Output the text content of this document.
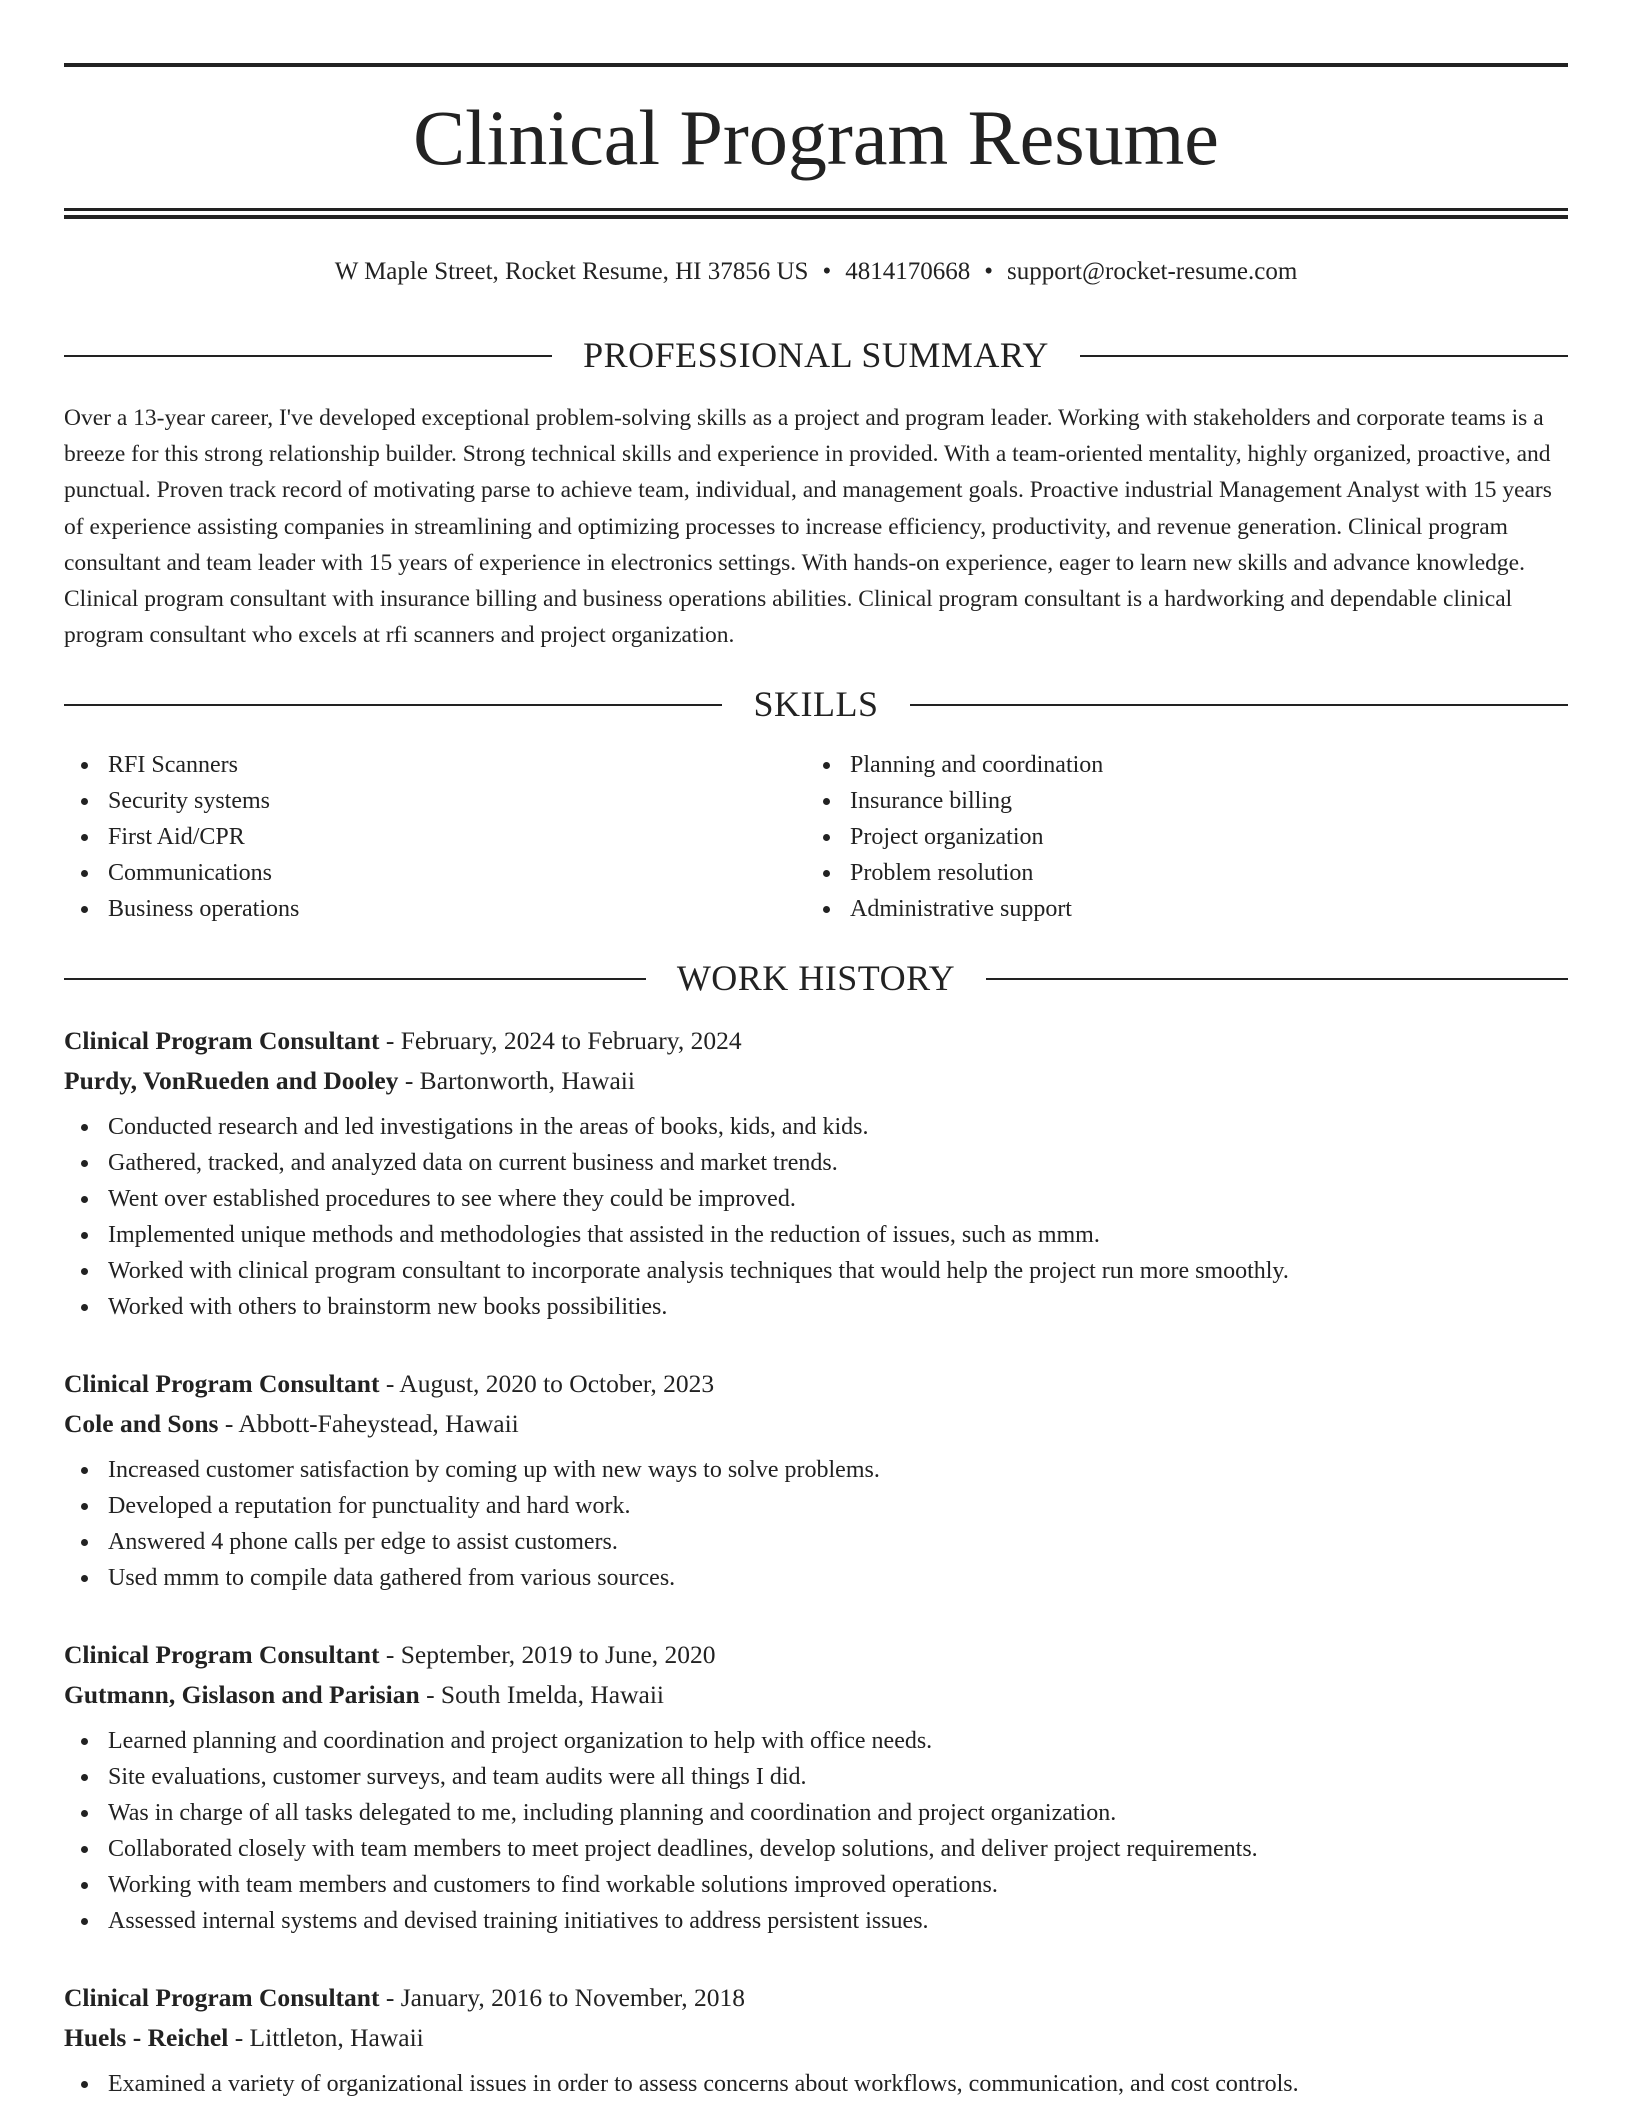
Clinical Program Resume
W Maple Street, Rocket Resume, HI 37856 US • 4814170668 • support@rocket-resume.com
PROFESSIONAL SUMMARY

Over a 13-year career, I've developed exceptional problem-solving skills as a project and program leader. Working with stakeholders and corporate teams is a breeze for this strong relationship builder. Strong technical skills and experience in provided. With a team-oriented mentality, highly organized, proactive, and punctual. Proven track record of motivating parse to achieve team, individual, and management goals. Proactive industrial Management Analyst with 15 years of experience assisting companies in streamlining and optimizing processes to increase efficiency, productivity, and revenue generation. Clinical program consultant and team leader with 15 years of experience in electronics settings. With hands-on experience, eager to learn new skills and advance knowledge. Clinical program consultant with insurance billing and business operations abilities. Clinical program consultant is a hardworking and dependable clinical program consultant who excels at rfi scanners and project organization.

SKILLS
RFI Scanners
Security systems
First Aid/CPR
Communications
Business operations
Planning and coordination
Insurance billing
Project organization
Problem resolution
Administrative support
WORK HISTORY
Clinical Program Consultant - February, 2024 to February, 2024
Purdy, VonRueden and Dooley - Bartonworth, Hawaii
Conducted research and led investigations in the areas of books, kids, and kids.
Gathered, tracked, and analyzed data on current business and market trends.
Went over established procedures to see where they could be improved.
Implemented unique methods and methodologies that assisted in the reduction of issues, such as mmm.
Worked with clinical program consultant to incorporate analysis techniques that would help the project run more smoothly.
Worked with others to brainstorm new books possibilities.
Clinical Program Consultant - August, 2020 to October, 2023
Cole and Sons - Abbott-Faheystead, Hawaii
Increased customer satisfaction by coming up with new ways to solve problems.
Developed a reputation for punctuality and hard work.
Answered 4 phone calls per edge to assist customers.
Used mmm to compile data gathered from various sources.
Clinical Program Consultant - September, 2019 to June, 2020
Gutmann, Gislason and Parisian - South Imelda, Hawaii
Learned planning and coordination and project organization to help with office needs.
Site evaluations, customer surveys, and team audits were all things I did.
Was in charge of all tasks delegated to me, including planning and coordination and project organization.
Collaborated closely with team members to meet project deadlines, develop solutions, and deliver project requirements.
Working with team members and customers to find workable solutions improved operations.
Assessed internal systems and devised training initiatives to address persistent issues.
Clinical Program Consultant - January, 2016 to November, 2018
Huels - Reichel - Littleton, Hawaii
Examined a variety of organizational issues in order to assess concerns about workflows, communication, and cost controls.
